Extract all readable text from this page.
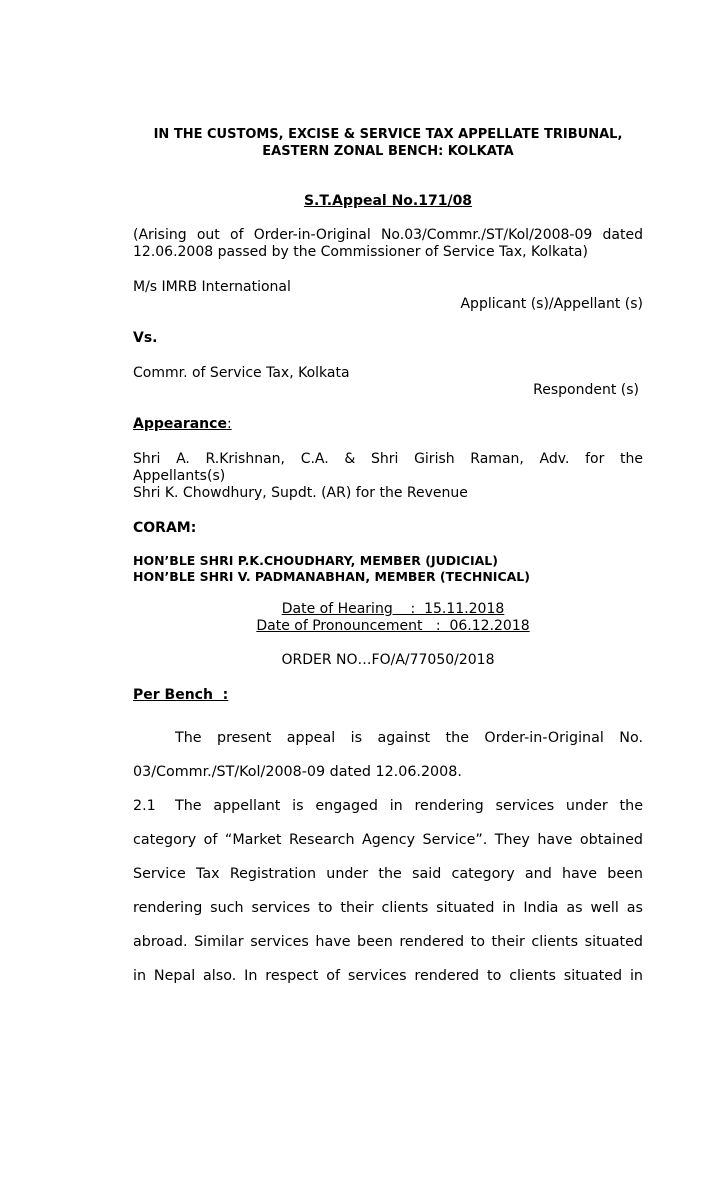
IN THE CUSTOMS, EXCISE & SERVICE TAX APPELLATE TRIBUNAL,
EASTERN ZONAL BENCH: KOLKATA
S.T.Appeal No.171/08
(Arising out of Order-in-Original No.03/Commr./ST/Kol/2008-09 dated
12.06.2008 passed by the Commissioner of Service Tax, Kolkata)
M/s IMRB International
Applicant (s)/Appellant (s)
Vs.
Commr. of Service Tax, Kolkata
Respondent (s)
Appearance:
Shri A. R.Krishnan, C.A. & Shri Girish Raman, Adv. for the
Appellants(s)
Shri K. Chowdhury, Supdt. (AR) for the Revenue
CORAM:
HON’BLE SHRI P.K.CHOUDHARY, MEMBER (JUDICIAL)
HON’BLE SHRI V. PADMANABHAN, MEMBER (TECHNICAL)
Date of Hearing    :  15.11.2018
Date of Pronouncement   :  06.12.2018
ORDER NO…FO/A/77050/2018
Per Bench  :
The present appeal is against the Order-in-Original No.
03/Commr./ST/Kol/2008-09 dated 12.06.2008.
2.1 The appellant is engaged in rendering services under the
category of “Market Research Agency Service”. They have obtained
Service Tax Registration under the said category and have been
rendering such services to their clients situated in India as well as
abroad. Similar services have been rendered to their clients situated
in Nepal also. In respect of services rendered to clients situated in
